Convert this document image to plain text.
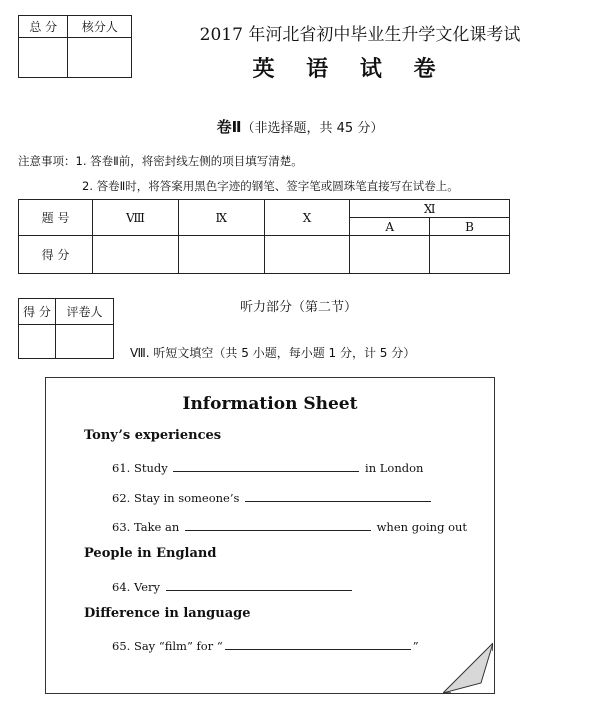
总 分	核分人
		2017 年河北省初中毕业生升学文化课考试
英 语 试 卷
卷Ⅱ（非选择题，共 45 分）
注意事项：1. 答卷Ⅱ前，将密封线左侧的项目填写清楚。
2. 答卷Ⅱ时，将答案用黑色字迹的钢笔、签字笔或圆珠笔直接写在试卷上。
题 号	Ⅷ	Ⅸ	Ⅹ	Ⅺ	
				A	B
得 分					
得 分	评卷人
		听力部分（第二节）
Ⅷ. 听短文填空（共 5 小题，每小题 1 分，计 5 分）
Information Sheet
Tony’s experiences
61. Study	in London
62. Stay in someone’s
63. Take an	when going out
People in England
64. Very
Difference in language
65. Say “film” for “	”
